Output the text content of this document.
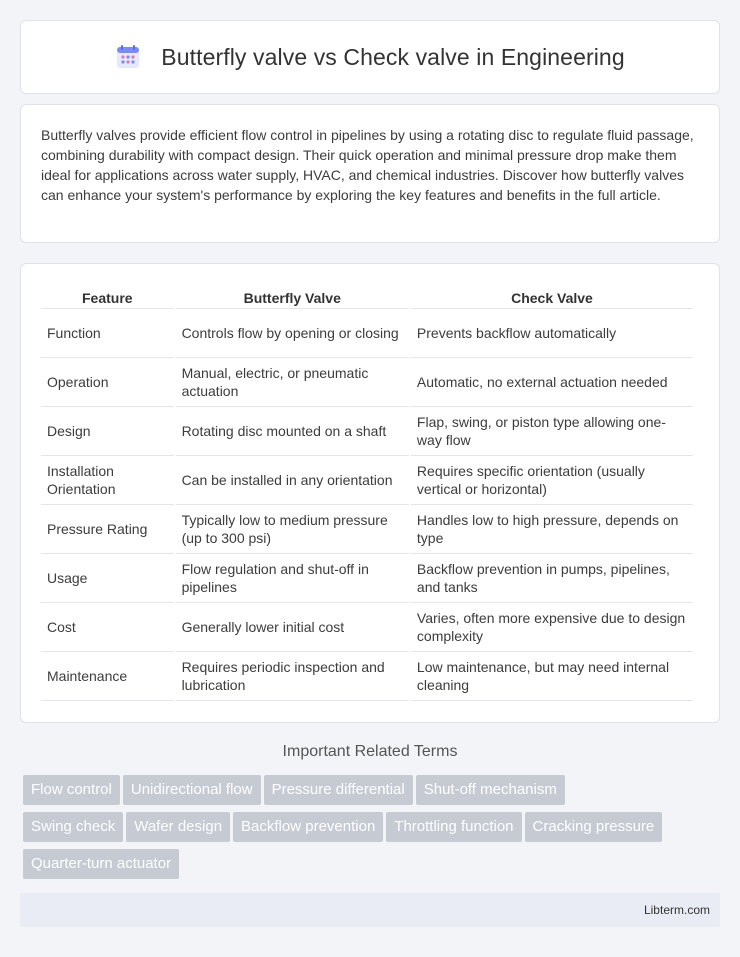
Butterfly valve vs Check valve in Engineering

Butterfly valves provide efficient flow control in pipelines by using a rotating disc to regulate fluid passage, combining durability with compact design. Their quick operation and minimal pressure drop make them ideal for applications across water supply, HVAC, and chemical industries. Discover how butterfly valves can enhance your system's performance by exploring the key features and benefits in the full article.

Feature	Butterfly Valve	Check Valve
Function	Controls flow by opening or closing	Prevents backflow automatically
Operation	Manual, electric, or pneumatic actuation	Automatic, no external actuation needed
Design	Rotating disc mounted on a shaft	Flap, swing, or piston type allowing one-way flow
Installation Orientation	Can be installed in any orientation	Requires specific orientation (usually vertical or horizontal)
Pressure Rating	Typically low to medium pressure (up to 300 psi)	Handles low to high pressure, depends on type
Usage	Flow regulation and shut-off in pipelines	Backflow prevention in pumps, pipelines, and tanks
Cost	Generally lower initial cost	Varies, often more expensive due to design complexity
Maintenance	Requires periodic inspection and lubrication	Low maintenance, but may need internal cleaning
Important Related Terms
Flow control Unidirectional flow Pressure differential Shut-off mechanism
Swing check Wafer design Backflow prevention Throttling function Cracking pressure
Quarter-turn actuator
Libterm.com
